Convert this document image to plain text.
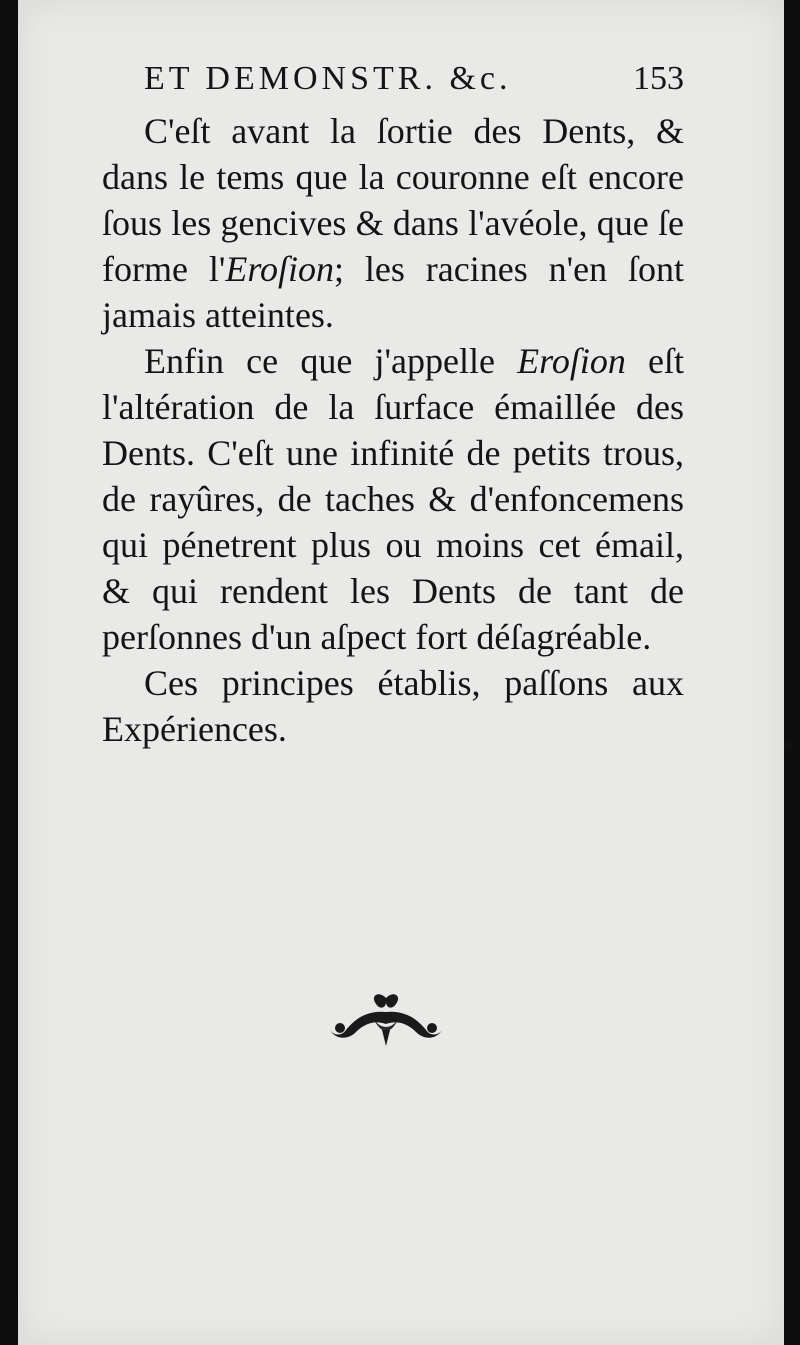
ET DEMONSTR. &c.	153

C'eſt avant la ſortie des Dents, & dans le tems que la couronne eſt encore ſous les gencives & dans l'avéole, que ſe forme l'Eroſion; les racines n'en ſont jamais atteintes.

Enfin ce que j'appelle Eroſion eſt l'altération de la ſurface émaillée des Dents. C'eſt une infinité de petits trous, de rayûres, de taches & d'enfoncemens qui pénetrent plus ou moins cet émail, & qui rendent les Dents de tant de perſonnes d'un aſpect fort déſagréable.

Ces principes établis, paſſons aux Expériences.
